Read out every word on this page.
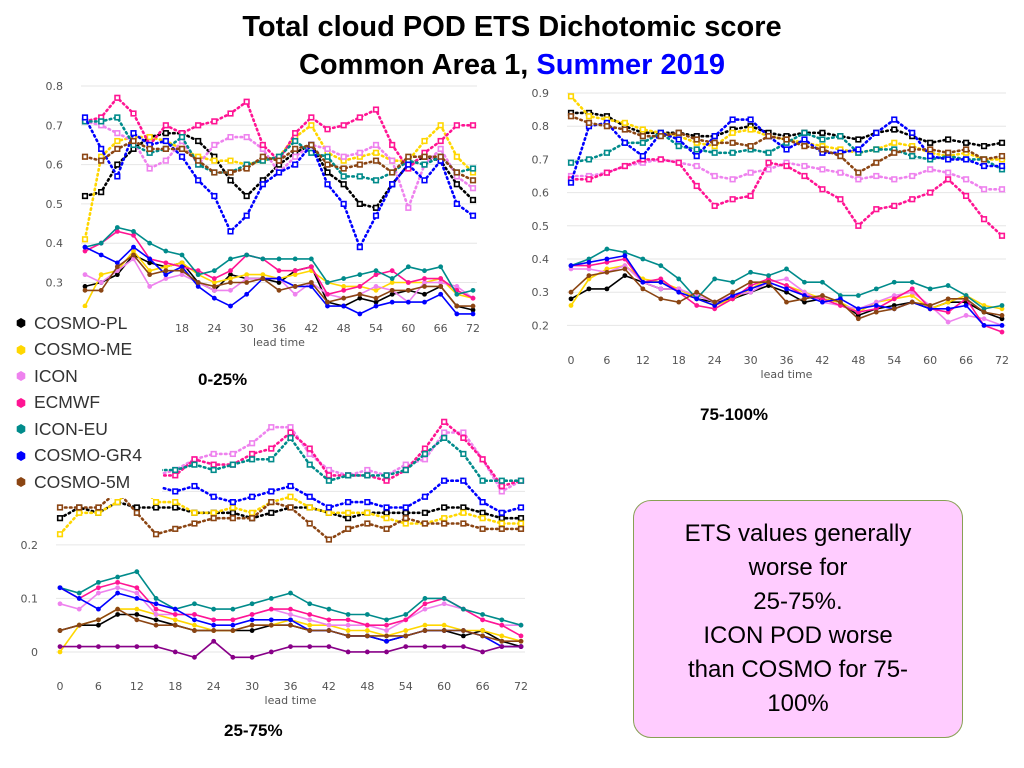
Total cloud POD ETS Dichotomic score
Common Area 1, Summer 2019
0.3
0.4
0.5
0.6
0.7
0.8
18 24 30 36 42 48 54 60 66 72
lead time
0.2
0.3
0.4
0.5
0.6
0.7
0.8
0.9
0	6 12 18 24 30 36 42 48 54 60 66 72
lead time
0
0.1
0.2
0	6	12 18 24 30 36 42 48 54 60 66 72
lead time
0-25%
75-100%
25-75%
COSMO-PL
COSMO-ME
ICON
ECMWF
ICON-EU
COSMO-GR4
COSMO-5M
ETS values generally
worse for
25-75%.
ICON POD worse
than COSMO for 75-
100%
